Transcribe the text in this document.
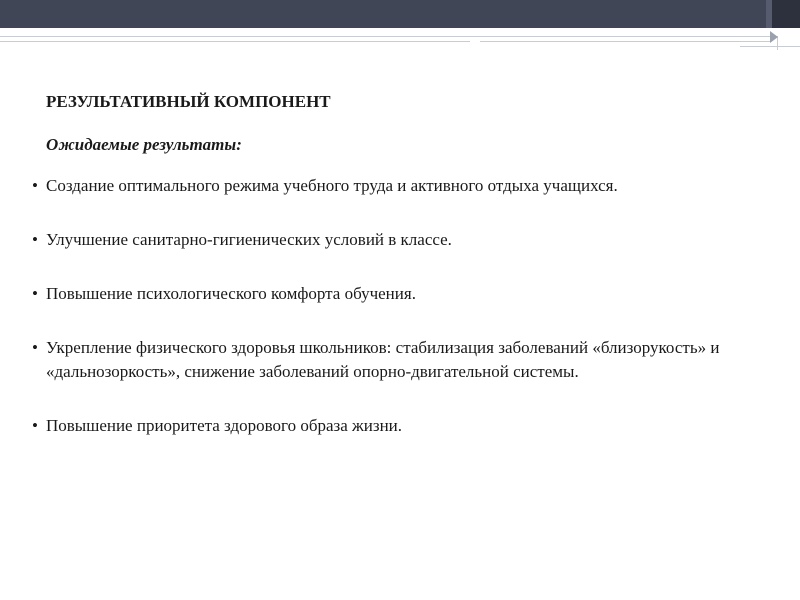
РЕЗУЛЬТАТИВНЫЙ КОМПОНЕНТ
Ожидаемые результаты:
• Создание оптимального режима учебного труда и активного отдыха учащихся.
• Улучшение санитарно-гигиенических условий в классе.
• Повышение психологического комфорта обучения.
• Укрепление физического здоровья школьников: стабилизация заболеваний «близорукость» и «дальнозоркость», снижение заболеваний опорно-двигательной системы.
• Повышение приоритета здорового образа жизни.
